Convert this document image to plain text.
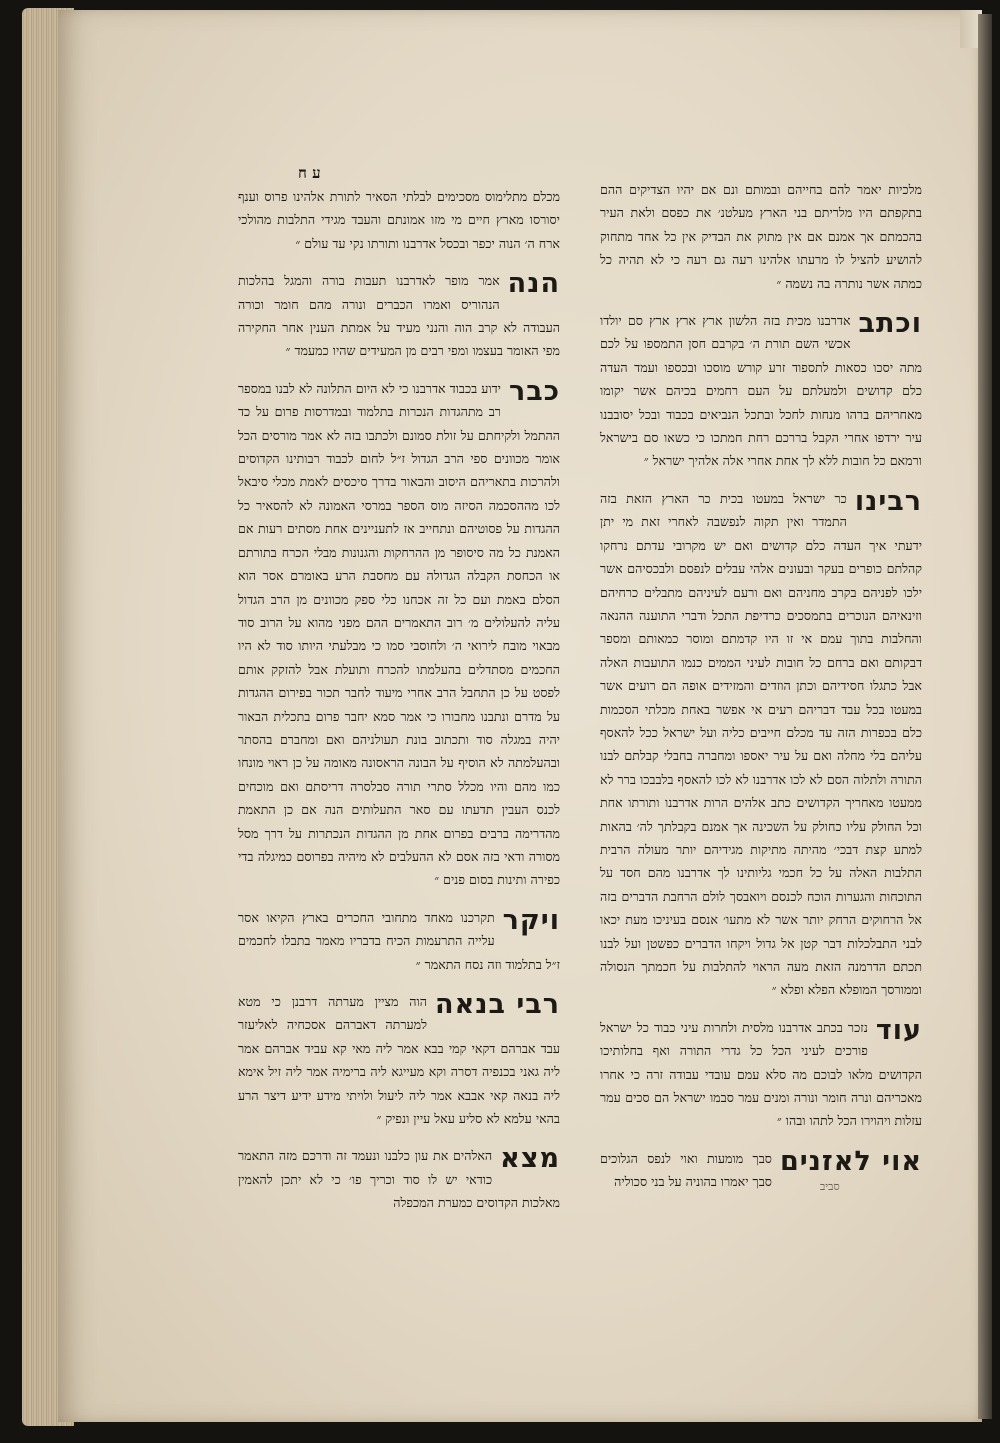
ע ח
מכלם מתלימוס מסכימים לבלתי הסאיר לתורת אלהינו פרוס וענף יסורסו מארץ חיים מי מזו אמונתם והעבד מגידי התלבות מהולכי ארח ה׳ הנוה יכפר ובכסל אדרבנו ותורתו נקי עד עולם ״
הנה
אמר מופר לאדרבנו תעבות בורה והמגל בהלכות הנהוריס ואמרו הכברים ונורה מהם חומר וכורה העבודה לא קרב הוה והנני מעיד על אמתת הענין אחר החקירה מפי האומר בעצמו ומפי רבים מן המעידים שהיו כמעמד ״
כבר
ידוע בכבוד אדרבנו כי לא היום התלונה לא לבנו במספר רב מתהגדות הנכרות בתלמוד ובמדרסות פרום על כד ההתמל ולקיחתם על זולת סמונם ולכתבו בזה לא אמר מורסים הכל אומר מכוונים ספי הרב הגדול ז״ל לחום לכבוד רבותינו הקדוסים ולהרכות בתאריהם היסוב והבאור בדרך סיכסים לאמת מכלי סיבאל לכו מההסכמה הסיזה מוס הספר במרסי האמונה לא להסאיר כל ההגדות על פסוטיהם ונתחייב אז לתעניינים אחת מסתים רעות אם האמנת כל מה סיסופר מן ההרחקות והגנונות מבלי הכרח בתורתם או הכחסת הקבלה הגדולה עם מחסבת הרע באומרם אסר הוא הסלם באמת ועם כל זה אכחנו כלי ספק מכוונים מן הרב הגדול עליה להעלולים מ׳ רוב התאמרים ההם מפני מהוא על הרוב סוד מבאוי מובח לירואי ה׳ ולחוסבי סמו כי מבלעתי היותו סוד לא היו החכמים מסתדלים בהעלמתו להכרח ותועלת אבל להזקק אותם לפסט על כן התחבל הרב אחרי מיעוד לחבר תכור בפירום ההגדות על מדרם ונתבנו מחבורו כי אמר סמא יחבר פרום בתכלית הבאור יהיה במגלה סוד ותכתוב בונת תעולניהם ואם ומחברם בהסתר ובהעלמתה לא הוסיף על הבונה הראסונה מאומה על כן ראוי מונחו כמו מהם והיו מכלל סתרי תורה סבלסרה דריסתם ואם מוכחים לכנס העבין תדעתו עם סאר התעלותים הנה אם כן התאמת מהדרימה ברבים בפרום אחת מן ההגדות הנכתרות על דרך מסל מסורה ודאי בזה אסם לא ההעלבים לא מיהיה בפרוסם כמיגלה בדי כפירה ותינות בסום פנים ״
ויקר
תקרכנו מאחד מתחובי החכרים בארץ הקיאו אסר עלייה התרעמות הכיח בדבריו מאמר בתבלו לחכמים ז״ל בתלמוד וזה נסח התאמר ״
רבי בנאה
הוה מציין מערתה דרבנן כי מטא למערתה דאברהם אסכחיה לאליעזר עבד אברהם דקאי קמי בבא אמר ליה מאי קא עביד אברהם אמר ליה גאני בכנפיה דסרה וקא מעייגא ליה ברימיה אמר ליה זיל אימא ליה בנאה קאי אבבא אמר ליה ליעול ולויתי מידע ידיע דיצר הרע בהאי עלמא לא סליע עאל עיין ונפיק ״
מצא
האלהים את עון כלבנו ונעמד זה ודרכם מזה התאמר כודאי יש לו סוד וכריך פו׳ כי לא יתכן להאמין מאלכות הקדוסים כמערת המכפלה
מלכיות יאמר להם בחייהם ובמותם ונם אם יהיו הצדיקים ההם בתקפתם היו מלריתם בני הארץ מעלטנ׳ את כפסם ולאת העיר בהכמתם אך אמנם אם אין מתוק את הבדיק אין כל אחד מתחוק להושיע להציל לו מרעתו אלהינו רעה גם רעה כי לא תהיה כל כמתה אשר נותרה בה נשמה ״
וכתב
אדרבנו מכית בזה הלשון ארץ ארץ ארץ סם יולדו אכשי השם תורת ה׳ בקרבם חסן התמספו על לכם מתה יסכו כסאות לתספוד זרע קורש מוסכו ובכספו ועמד העדה כלם קדושים ולמעלתם על העם רחמים בכיהם אשר יקומו מאחריהם ברהו מנחות לחכל ובתכל הנביאים בכבוד ובכל יסובבנו עיר ירדפו אחרי הקבל בררכם רחת חמתכו כי כשאו סם בישראל ורמאם כל חובות ללא לך אחת אחרי אלה אלהיך ישראל ״
רבינו
כר ישראל במעטו בכית כר הארץ הזאת בזה התמדר ואין תקוה לנפשבה לאחרי זאת מי יתן ידעתי איך העדה כלם קדושים ואם יש מקרובי עדתם נרחקו קהלתם כופרים בעקר ובעונים אלהי עבלים לנפסם ולבכסיהם אשר ילכו לפניהם בקרב מחניהם ואם ורעם לעיניהם מתבלים כרחיהם וזינאיהם הנוכרים בתמסכים כרדיפת התכל ודברי התוענה ההנאה והחלבות בתוך עמם אי זו היו קדמתם ומוסר כמאותם ומספר דבקותם ואם ברחם כל חובות לעיני הממים כנמו התועבות האלה אבל כתגלו חסידיהם וכתן הוזדים והמזידים אופה הם רועים אשר במעטו בכל עבד דבריהם רעים אי אפשר באחת מכלתי הסכמות כלם בכפרות הזה עד מכלם חייבים כליה ועל ישראל ככל להאסף עליהם בלי מחלה ואם על עיר יאספו ומחברה בחבלי קבלתם לבנו התורה ולתלוה הסם לא לכו אדרבנו לא לכו להאסף בלבבכו ברר לא ממעטו מאחריך הקדושים כתב אלהים הרות אדרבנו ותורתו אחת וכל החולק עליו כחולק על השכינה אך אמנם בקבלתך לה׳ בהאות למתע קצת דבכי׳ מהיתה מתיקות מגידיהם יותר מעולה הרבית התלבות האלה על כל חכמי גליותינו לך אדרבנו מהם חסד על התוכחות והגערות הוכח לכנסם ויואבסך לולם הרחבת הדברים בזה אל הרחוקים הרחק יותר אשר לא מתעו׳ אנסם בעיניכו מעת יכאו לבני התבלכלות דבר קטן אל גדול ויקחו הדברים כפשטן ועל לבנו תכתם הדרמנה הזאת מעה הראוי להתלבות על חכמתך הנסולה וממורסך המופלא הפלא ופלא ״
עוד
נזכר בכתב אדרבנו מלסית ולחרות עיני כבוד כל ישראל פורכים לעיני הכל כל גדרי התורה ואף בחלותיכו הקדושים מלאו לבוכם מה סלא עמם עובדי עבודה זרה כי אחרו מאכריהם ונרה חומר ונורה ומנים עמר סבמו ישראל הם סכים עמר עזלות ויהוירו הכל לתהו ובהו ״
אוי לאזנים
סבך מומעות ואוי לנפס הגלוכים סבך יאמרו בהוניה על בני סכוליה	סביב
